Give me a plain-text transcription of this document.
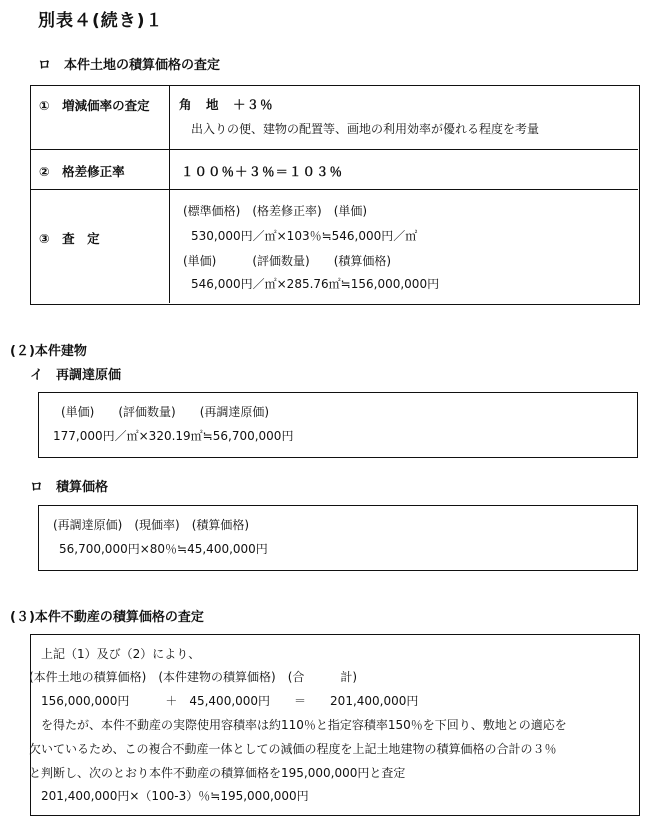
別表４(続き)１
ロ　本件土地の積算価格の査定
①　増減価率の査定 角　地　＋３％
出入りの便、建物の配置等、画地の利用効率が優れる程度を考量
②　格差修正率	１００％＋３％＝１０３％
③　査　定
(標準価格)　(格差修正率)　(単価)
530,000円／㎡×103％≒546,000円／㎡
(単価)　　　(評価数量)　　(積算価格)
546,000円／㎡×285.76㎡≒156,000,000円
(２)本件建物
イ　再調達原価
(単価)　　(評価数量)　　(再調達原価)
177,000円／㎡×320.19㎡≒56,700,000円
ロ　積算価格
(再調達原価)　(現価率)　(積算価格)
56,700,000円×80％≒45,400,000円
(３)本件不動産の積算価格の査定
上記（1）及び（2）により、
(本件土地の積算価格)　(本件建物の積算価格)　(合　　　計)
156,000,000円　　　＋　45,400,000円　　＝　　201,400,000円
を得たが、本件不動産の実際使用容積率は約110％と指定容積率150％を下回り、敷地との適応を
欠いているため、この複合不動産一体としての減価の程度を上記土地建物の積算価格の合計の３％
と判断し、次のとおり本件不動産の積算価格を195,000,000円と査定
201,400,000円×（100-3）％≒195,000,000円
